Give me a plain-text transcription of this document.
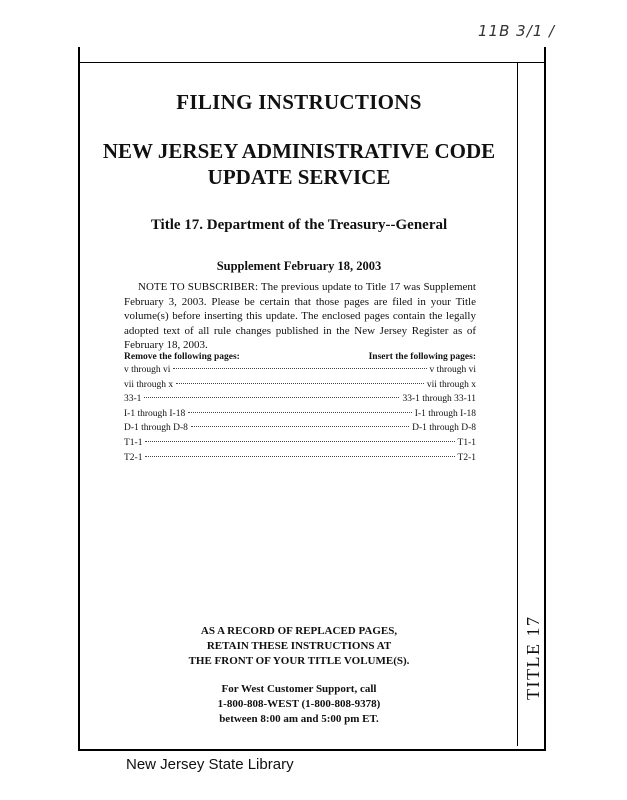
11B 3/1 /
FILING INSTRUCTIONS
NEW JERSEY ADMINISTRATIVE CODE
UPDATE SERVICE
Title 17. Department of the Treasury--General
Supplement February 18, 2003
NOTE TO SUBSCRIBER: The previous update to Title 17 was Supplement February 3, 2003. Please be certain that those pages are filed in your Title volume(s) before inserting this update. The enclosed pages contain the legally adopted text of all rule changes published in the New Jersey Register as of February 18, 2003.
Remove the following pages:	Insert the following pages:
v through vi	v through vi
vii through x	vii through x
33-1	33-1 through 33-11
I-1 through I-18	I-1 through I-18
D-1 through D-8	D-1 through D-8
T1-1	T1-1
T2-1	T2-1
AS A RECORD OF REPLACED PAGES,
RETAIN THESE INSTRUCTIONS AT
THE FRONT OF YOUR TITLE VOLUME(S).
For West Customer Support, call
1-800-808-WEST (1-800-808-9378)
between 8:00 am and 5:00 pm ET.
TITLE 17
New Jersey State Library
